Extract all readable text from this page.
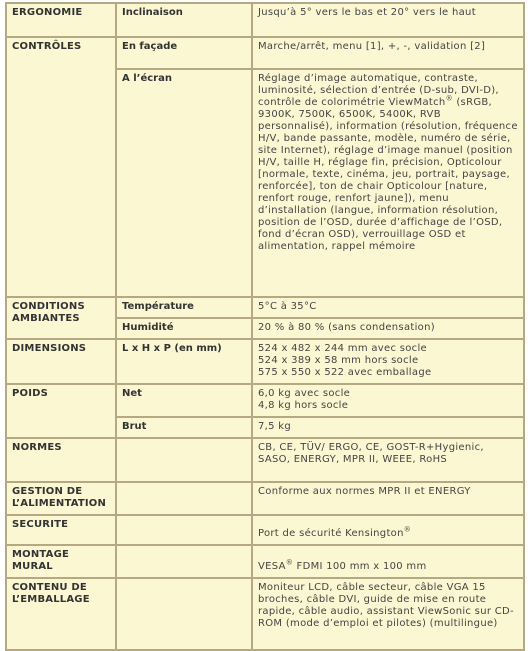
ERGONOMIE	Inclinaison	Jusqu’à 5° vers le bas et 20° vers le haut
CONTRÔLES	En façade	Marche/arrêt, menu [1], +, -, validation [2]
	A l’écran	Réglage d’image automatique, contraste, luminosité, sélection d’entrée (D-sub, DVI-D), contrôle de colorimétrie ViewMatch® (sRGB, 9300K, 7500K, 6500K, 5400K, RVB personnalisé), information (résolution, fréquence H/V, bande passante, modèle, numéro de série, site Internet), réglage d’image manuel (position H/V, taille H, réglage fin, précision, Opticolour [normale, texte, cinéma, jeu, portrait, paysage, renforcée], ton de chair Opticolour [nature, renfort rouge, renfort jaune]), menu d’installation (langue, information résolution, position de l’OSD, durée d’affichage de l’OSD, fond d’écran OSD), verrouillage OSD et alimentation, rappel mémoire
CONDITIONS AMBIANTES	Température	5°C à 35°C
	Humidité	20 % à 80 % (sans condensation)
DIMENSIONS	L x H x P (en mm)	524 x 482 x 244 mm avec socle
524 x 389 x 58 mm hors socle
575 x 550 x 522 avec emballage

POIDS	Net	6,0 kg avec socle
4,8 kg hors socle

	Brut	7,5 kg
NORMES		CB, CE, TÜV/ ERGO, CE, GOST-R+Hygienic, SASO, ENERGY, MPR II, WEEE, RoHS
GESTION DE L’ALIMENTATION		Conforme aux normes MPR II et ENERGY
SECURITE		Port de sécurité Kensington®
MONTAGE MURAL		VESA® FDMI 100 mm x 100 mm
CONTENU DE L’EMBALLAGE		Moniteur LCD, câble secteur, câble VGA 15 broches, câble DVI, guide de mise en route rapide, câble audio, assistant ViewSonic sur CD-ROM (mode d’emploi et pilotes) (multilingue)
